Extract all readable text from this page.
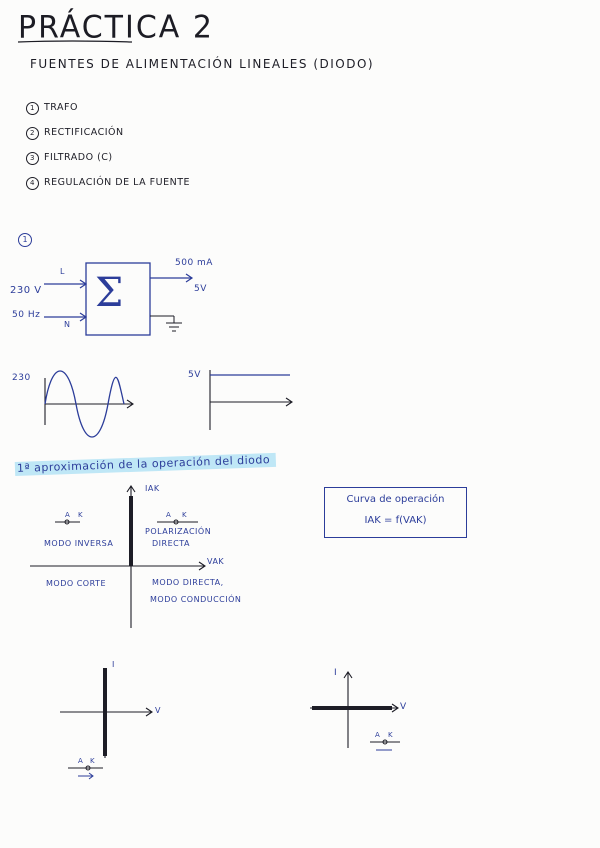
PRÁCTICA 2
FUENTES DE ALIMENTACIÓN LINEALES (DIODO)
1 TRAFO
2 RECTIFICACIÓN
3 FILTRADO (C)
4 REGULACIÓN DE LA FUENTE
1
Σ
230 V
50 Hz
L
N
500 mA
5V
230	5V
1ª aproximación de la operación del diodo
IAK
VAK
A K	A K
MODO INVERSA
POLARIZACIÓN
DIRECTA
MODO CORTE	MODO DIRECTA,
MODO CONDUCCIÓN
Curva de operación
IAK = f(VAK)
I
V
I
V
A K
A K
